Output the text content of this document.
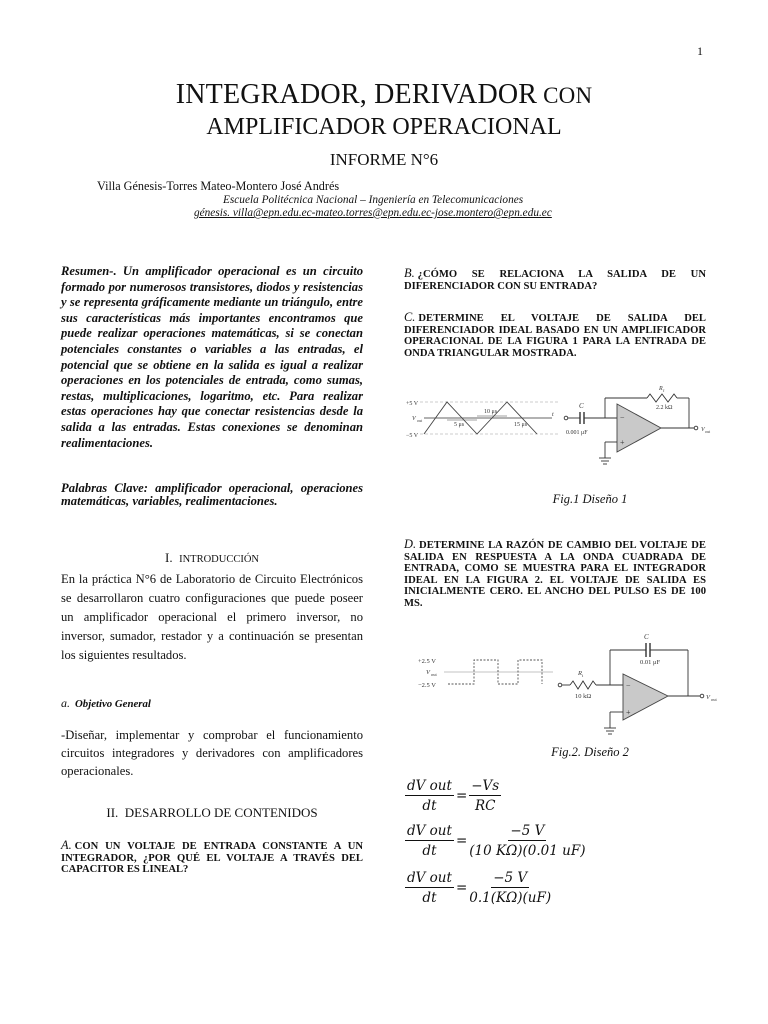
1
INTEGRADOR, DERIVADOR CON
AMPLIFICADOR OPERACIONAL
INFORME N°6
Villa Génesis-Torres Mateo-Montero José Andrés
Escuela Politécnica Nacional – Ingeniería en Telecomunicaciones
génesis. villa@epn.edu.ec-mateo.torres@epn.edu.ec-jose.montero@epn.edu.ec
Resumen-. Un amplificador operacional es un circuito formado por numerosos transistores, diodos y resistencias y se representa gráficamente mediante un triángulo, entre sus características más importantes encontramos que puede realizar operaciones matemáticas, si se conectan potenciales constantes o variables a las entradas, el potencial que se obtiene en la salida es igual a realizar operaciones en los potenciales de entrada, como sumas, restas, multiplicaciones, logaritmo, etc. Para realizar estas operaciones hay que conectar resistencias desde la salida a las entradas. Estas conexiones se denominan realimentaciones.
Palabras Clave: amplificador operacional, operaciones matemáticas, variables, realimentaciones.
I. INTRODUCCIÓN
En la práctica N°6 de Laboratorio de Circuito Electrónicos se desarrollaron cuatro configuraciones que puede poseer un amplificador operacional el primero inversor, no inversor, sumador, restador y a continuación se presentan los siguientes resultados.
a. Objetivo General
-Diseñar, implementar y comprobar el funcionamiento circuitos integradores y derivadores con amplificadores operacionales.
II. DESARROLLO DE CONTENIDOS
A. CON UN VOLTAJE DE ENTRADA CONSTANTE A UN INTEGRADOR, ¿POR QUÉ EL VOLTAJE A TRAVÉS DEL CAPACITOR ES LINEAL?
B. ¿CÓMO SE RELACIONA LA SALIDA DE UN DIFERENCIADOR CON SU ENTRADA?
C. DETERMINE EL VOLTAJE DE SALIDA DEL DIFERENCIADOR IDEAL BASADO EN UN AMPLIFICADOR OPERACIONAL DE LA FIGURA 1 PARA LA ENTRADA DE ONDA TRIANGULAR MOSTRADA.
+5 V
V out
−5 V
5 μs
10 μs
15 μs
t	−
+
C
0.001 μF
R f
2.2 kΩ
V out
Fig.1 Diseño 1
D. DETERMINE LA RAZÓN DE CAMBIO DEL VOLTAJE DE SALIDA EN RESPUESTA A LA ONDA CUADRADA DE ENTRADA, COMO SE MUESTRA PARA EL INTEGRADOR IDEAL EN LA FIGURA 2. EL VOLTAJE DE SALIDA ES INICIALMENTE CERO. EL ANCHO DEL PULSO ES DE 100 MS.
+2.5 V
V out
−2.5 V	−
+
C
0.01 μF
R i
10 kΩ	V out
Fig.2. Diseño 2
$\frac{\text{dV out}}{dt} = \frac{-Vs}{RC}$
$\frac{\text{dV out}}{dt} = \frac{-5 V}{(10 K\Omega)(0.01 uF)}$
$\frac{\text{dV out}}{dt} = \frac{-5 V}{0.1(K\Omega)(uF)}$
